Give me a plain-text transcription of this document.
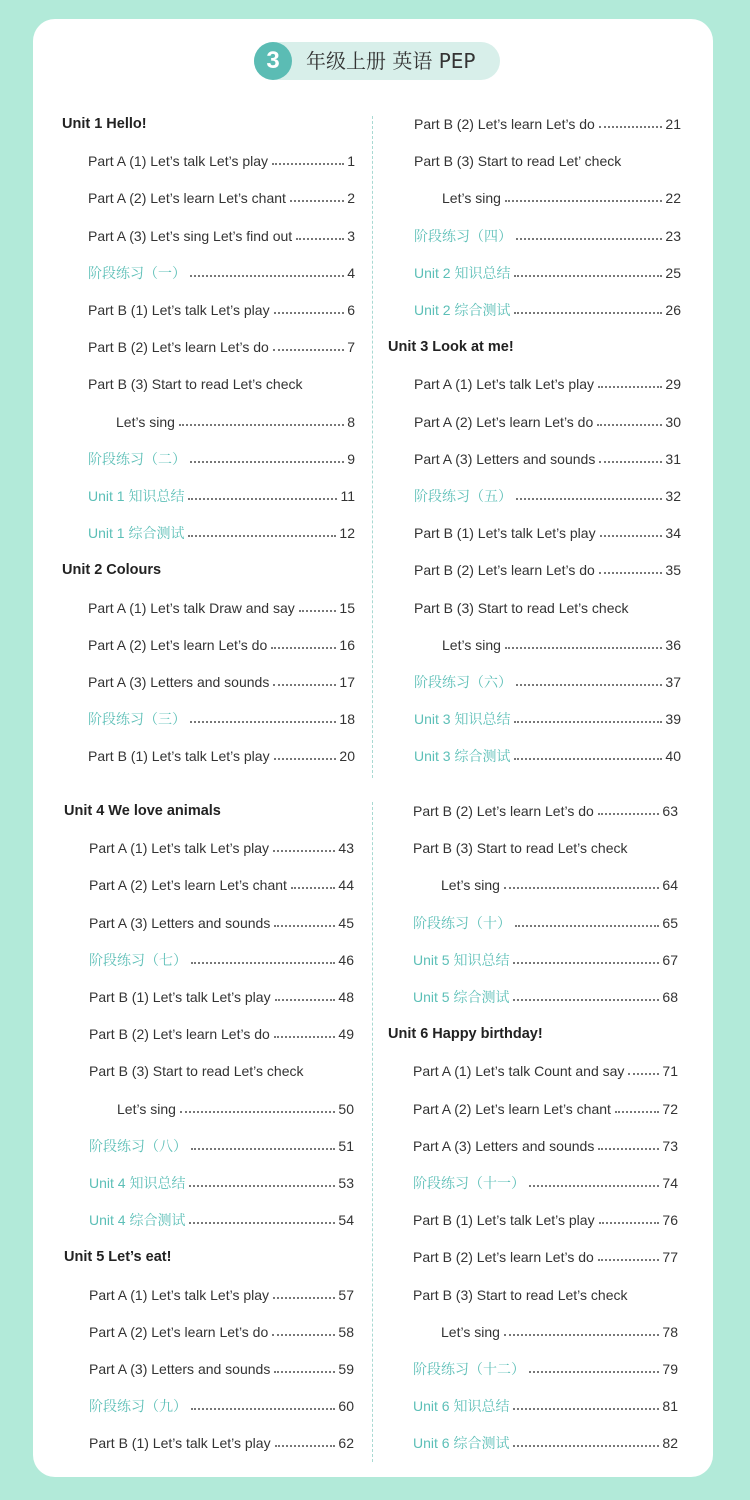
3	年级上册 英语 PEP
Unit 1 Hello!
Part A (1) Let’s talk Let’s play	1
Part A (2) Let’s learn Let’s chant	2
Part A (3) Let’s sing Let’s find out	3
阶段练习（一）	4
Part B (1) Let’s talk Let’s play	6
Part B (2) Let’s learn Let’s do	7
Part B (3) Start to read Let’s check
Let’s sing	8
阶段练习（二）	9
Unit 1 知识总结	11
Unit 1 综合测试	12
Unit 2 Colours
Part A (1) Let’s talk Draw and say	15
Part A (2) Let’s learn Let’s do	16
Part A (3) Letters and sounds	17
阶段练习（三）	18
Part B (1) Let’s talk Let’s play	20
Part B (2) Let’s learn Let’s do	21
Part B (3) Start to read Let’ check
Let’s sing	22
阶段练习（四）	23
Unit 2 知识总结	25
Unit 2 综合测试	26
Unit 3 Look at me!
Part A (1) Let’s talk Let’s play	29
Part A (2) Let’s learn Let’s do	30
Part A (3) Letters and sounds	31
阶段练习（五）	32
Part B (1) Let’s talk Let’s play	34
Part B (2) Let’s learn Let’s do	35
Part B (3) Start to read Let’s check
Let’s sing	36
阶段练习（六）	37
Unit 3 知识总结	39
Unit 3 综合测试	40
Unit 4 We love animals
Part A (1) Let’s talk Let’s play	43
Part A (2) Let’s learn Let’s chant	44
Part A (3) Letters and sounds	45
阶段练习（七）	46
Part B (1) Let’s talk Let’s play	48
Part B (2) Let’s learn Let’s do	49
Part B (3) Start to read Let’s check
Let’s sing	50
阶段练习（八）	51
Unit 4 知识总结	53
Unit 4 综合测试	54
Unit 5 Let’s eat!
Part A (1) Let’s talk Let’s play	57
Part A (2) Let’s learn Let’s do	58
Part A (3) Letters and sounds	59
阶段练习（九）	60
Part B (1) Let’s talk Let’s play	62
Part B (2) Let’s learn Let’s do	63
Part B (3) Start to read Let’s check
Let’s sing	64
阶段练习（十）	65
Unit 5 知识总结	67
Unit 5 综合测试	68
Unit 6 Happy birthday!
Part A (1) Let’s talk Count and say	71
Part A (2) Let’s learn Let’s chant	72
Part A (3) Letters and sounds	73
阶段练习（十一）	74
Part B (1) Let’s talk Let’s play	76
Part B (2) Let’s learn Let’s do	77
Part B (3) Start to read Let’s check
Let’s sing	78
阶段练习（十二）	79
Unit 6 知识总结	81
Unit 6 综合测试	82
